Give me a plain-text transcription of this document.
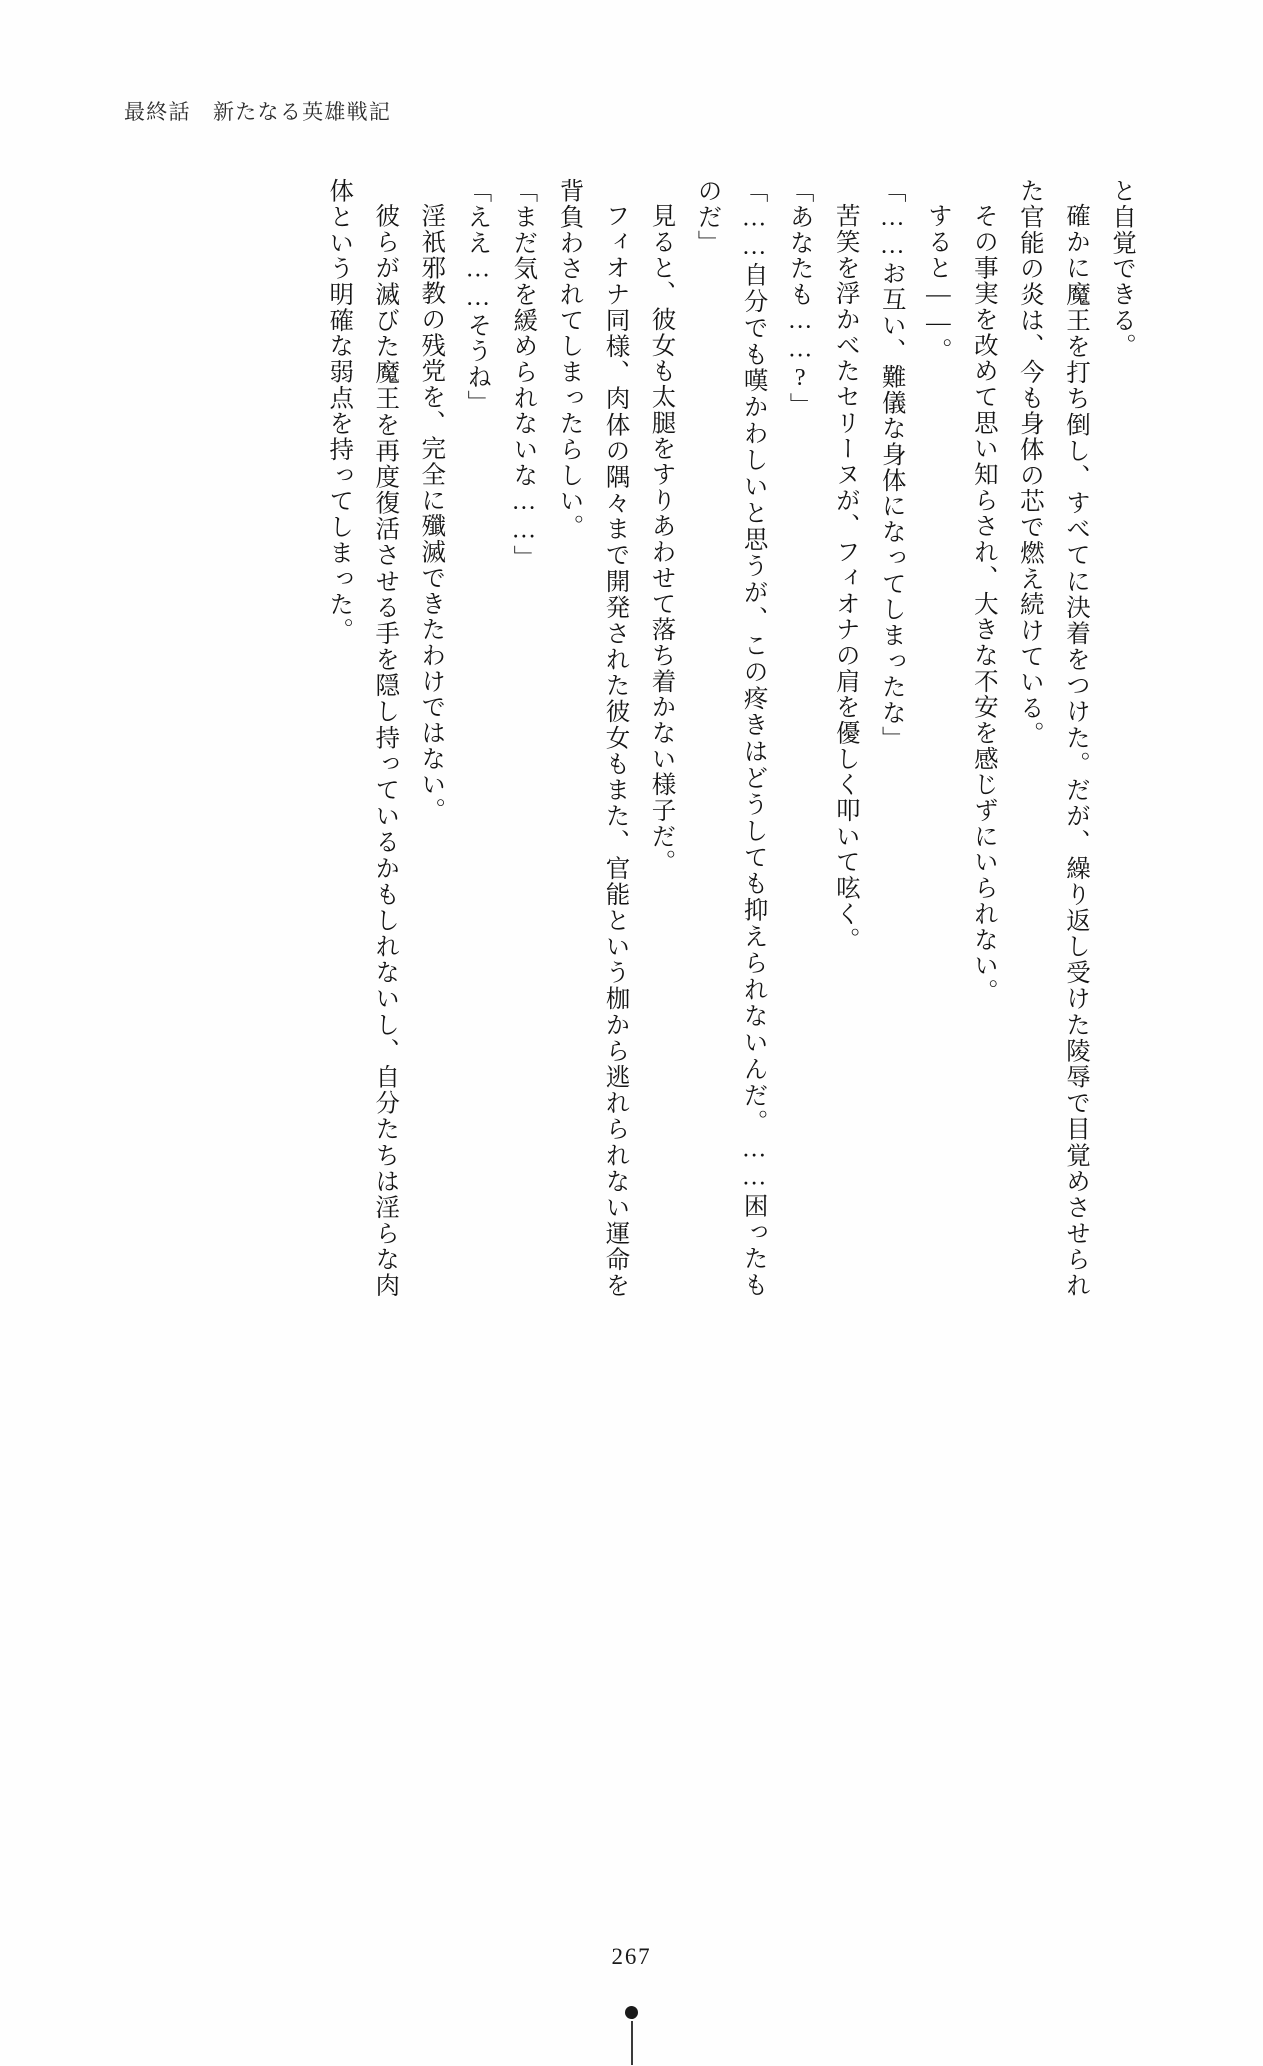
最終話　新たなる英雄戦記

と自覚できる。

確かに魔王を打ち倒し、すべてに決着をつけた。だが、繰り返し受けた陵辱で目覚めさせられた官能の炎は、今も身体の芯で燃え続けている。

その事実を改めて思い知らされ、大きな不安を感じずにいられない。

すると――。

「……お互い、難儀な身体になってしまったな」

苦笑を浮かべたセリーヌが、フィオナの肩を優しく叩いて呟く。

「あなたも……?」

「……自分でも嘆かわしいと思うが、この疼きはどうしても抑えられないんだ。……困ったものだ」

見ると、彼女も太腿をすりあわせて落ち着かない様子だ。

フィオナ同様、肉体の隅々まで開発された彼女もまた、官能という枷から逃れられない運命を背負わされてしまったらしい。

「まだ気を緩められないな……」

「ええ……そうね」

淫祇邪教の残党を、完全に殲滅できたわけではない。

彼らが滅びた魔王を再度復活させる手を隠し持っているかもしれないし、自分たちは淫らな肉体という明確な弱点を持ってしまった。

267
